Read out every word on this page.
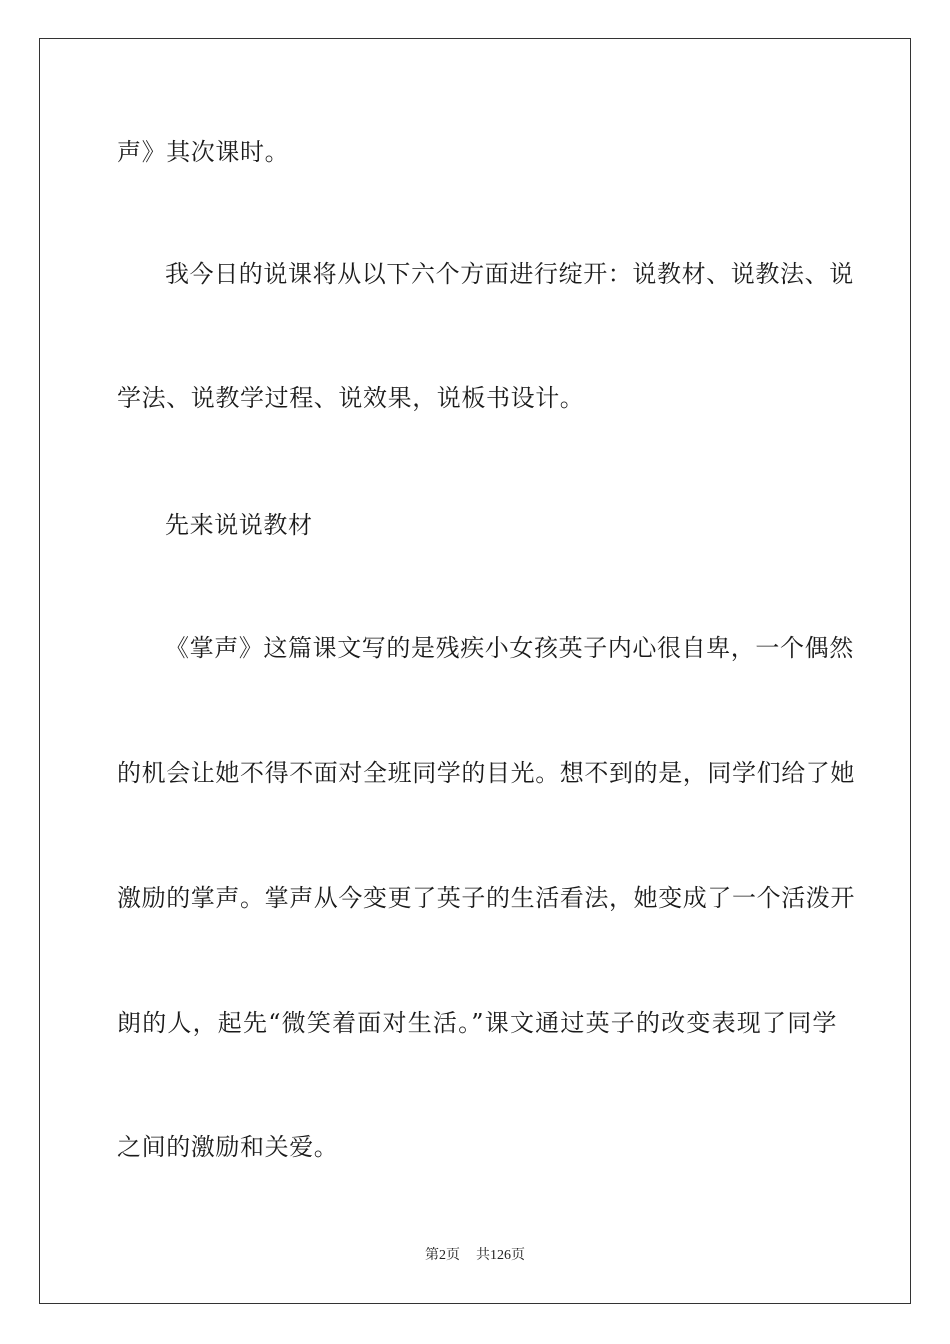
声》其次课时。
我今日的说课将从以下六个方面进行绽开：说教材、说教法、说
学法、说教学过程、说效果，说板书设计。
先来说说教材
《掌声》这篇课文写的是残疾小女孩英子内心很自卑，一个偶然
的机会让她不得不面对全班同学的目光。想不到的是，同学们给了她
激励的掌声。掌声从今变更了英子的生活看法，她变成了一个活泼开
朗的人，起先“微笑着面对生活。”课文通过英子的改变表现了同学
之间的激励和关爱。
第2页 共126页
